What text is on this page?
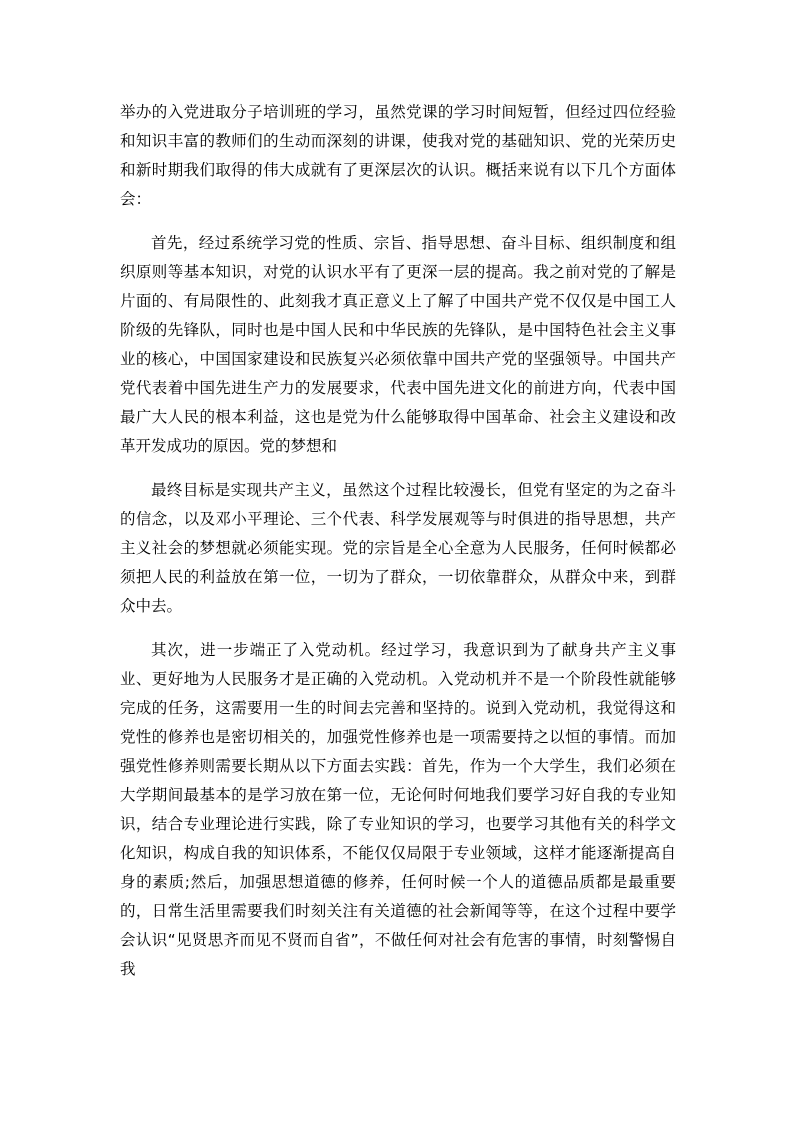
举办的入党进取分子培训班的学习，虽然党课的学习时间短暂，但经过四位经验和知识丰富的教师们的生动而深刻的讲课，使我对党的基础知识、党的光荣历史和新时期我们取得的伟大成就有了更深层次的认识。概括来说有以下几个方面体会：

首先，经过系统学习党的性质、宗旨、指导思想、奋斗目标、组织制度和组织原则等基本知识，对党的认识水平有了更深一层的提高。我之前对党的了解是片面的、有局限性的、此刻我才真正意义上了解了中国共产党不仅仅是中国工人阶级的先锋队，同时也是中国人民和中华民族的先锋队，是中国特色社会主义事业的核心，中国国家建设和民族复兴必须依靠中国共产党的坚强领导。中国共产党代表着中国先进生产力的发展要求，代表中国先进文化的前进方向，代表中国最广大人民的根本利益，这也是党为什么能够取得中国革命、社会主义建设和改革开发成功的原因。党的梦想和

最终目标是实现共产主义，虽然这个过程比较漫长，但党有坚定的为之奋斗的信念，以及邓小平理论、三个代表、科学发展观等与时俱进的指导思想，共产主义社会的梦想就必须能实现。党的宗旨是全心全意为人民服务，任何时候都必须把人民的利益放在第一位，一切为了群众，一切依靠群众，从群众中来，到群众中去。

其次，进一步端正了入党动机。经过学习，我意识到为了献身共产主义事业、更好地为人民服务才是正确的入党动机。入党动机并不是一个阶段性就能够完成的任务，这需要用一生的时间去完善和坚持的。说到入党动机，我觉得这和党性的修养也是密切相关的，加强党性修养也是一项需要持之以恒的事情。而加强党性修养则需要长期从以下方面去实践：首先，作为一个大学生，我们必须在大学期间最基本的是学习放在第一位，无论何时何地我们要学习好自我的专业知识，结合专业理论进行实践，除了专业知识的学习，也要学习其他有关的科学文化知识，构成自我的知识体系，不能仅仅局限于专业领域，这样才能逐渐提高自身的素质;然后，加强思想道德的修养，任何时候一个人的道德品质都是最重要的，日常生活里需要我们时刻关注有关道德的社会新闻等等，在这个过程中要学会认识“见贤思齐而见不贤而自省”，不做任何对社会有危害的事情，时刻警惕自我
